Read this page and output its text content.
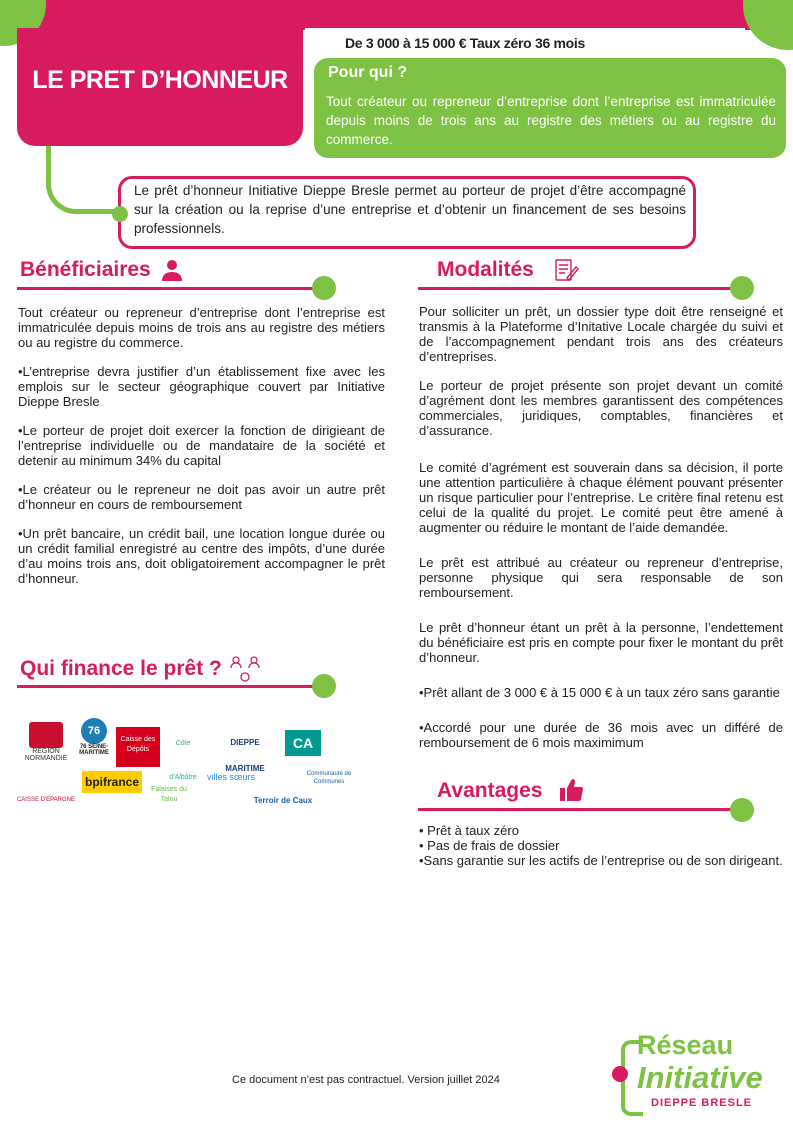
LE PRET D’HONNEUR
De 3 000 à 15 000 € Taux zéro 36 mois
Pour qui ?
Tout créateur ou repreneur d’entreprise dont l’entreprise est immatriculée depuis moins de trois ans au registre des métiers ou au registre du commerce.
Le prêt d’honneur Initiative Dieppe Bresle permet au porteur de projet d’être accompagné sur la création ou la reprise d’une entreprise et d’obtenir un financement de ses besoins professionnels.
Bénéficiaires

Tout créateur ou repreneur d’entreprise dont l’entreprise est immatriculée depuis moins de trois ans au registre des métiers ou au registre du commerce.

•L’entreprise devra justifier d’un établissement fixe avec les emplois sur le secteur géographique couvert par Initiative Dieppe Bresle

•Le porteur de projet doit exercer la fonction de dirigieant de l’entreprise individuelle ou de mandataire de la société et detenir au minimum 34% du capital

•Le créateur ou le repreneur ne doit pas avoir un autre prêt d’honneur en cours de remboursement

•Un prêt bancaire, un crédit bail, une location longue durée ou un crédit familial enregistré au centre des impôts, d’une durée d’au moins trois ans, doit obligatoirement accompagner le prêt d’honneur.

Qui finance le prêt ?
RÉGION NORMANDIE
76
76 SEINE-MARITIME
Caisse des Dépôts
Côte d'Albâtre
DIEPPE MARITIME
CA
bpifrance
Falaises du Talou
villes sœurs	Communauté de Communes
CAISSE D'EPARGNE	Terroir de Caux
Modalités

Pour solliciter un prêt, un dossier type doit être renseigné et transmis à la Plateforme d’Initative Locale chargée du suivi et de l’accompagnement pendant trois ans des créateurs d’entreprises.

Le porteur de projet présente son projet devant un comité d’agrément dont les membres garantissent des compétences commerciales, juridiques, comptables, financières et d’assurance.

Le comité d’agrément est souverain dans sa décision, il porte une attention particulière à chaque élément pouvant présenter un risque particulier pour l’entreprise. Le critère final retenu est celui de la qualité du projet. Le comité peut être amené à augmenter ou réduire le montant de l’aide demandée.

Le prêt est attribué au créateur ou repreneur d’entreprise, personne physique qui sera responsable de son remboursement.

Le prêt d’honneur étant un prêt à la personne, l’endettement du bénéficiaire est pris en compte pour fixer le montant du prêt d’honneur.

•Prêt allant de 3 000 € à 15 000 € à un taux zéro sans garantie

•Accordé pour une durée de 36 mois avec un différé de remboursement de 6 mois maximimum

Avantages
• Prêt à taux zéro
• Pas de frais de dossier
•Sans garantie sur les actifs de l’entreprise ou de son dirigeant.
Ce document n’est pas contractuel. Version juillet 2024
Réseau
Initiative
DIEPPE BRESLE
